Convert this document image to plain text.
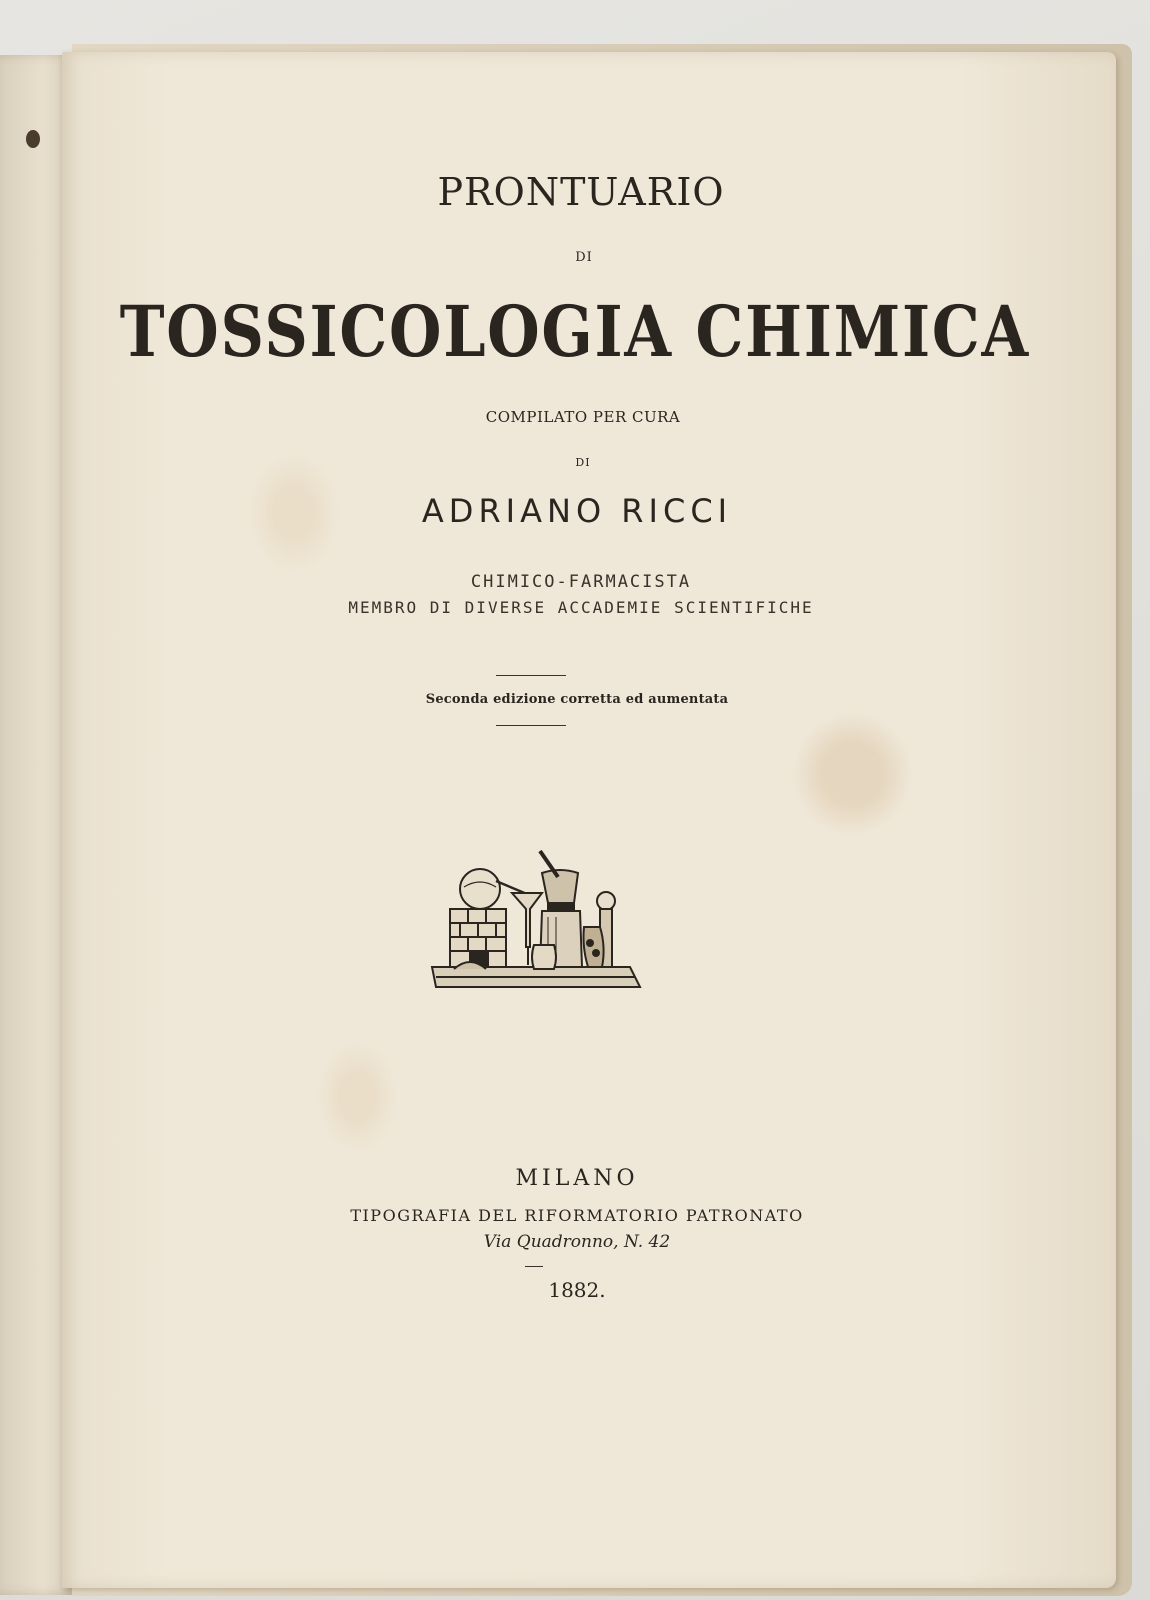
PRONTUARIO
DI
TOSSICOLOGIA CHIMICA
COMPILATO PER CURA
DI
ADRIANO RICCI
CHIMICO-FARMACISTA
MEMBRO DI DIVERSE ACCADEMIE SCIENTIFICHE
Seconda edizione corretta ed aumentata
MILANO
TIPOGRAFIA DEL RIFORMATORIO PATRONATO
Via Quadronno, N. 42
1882.
